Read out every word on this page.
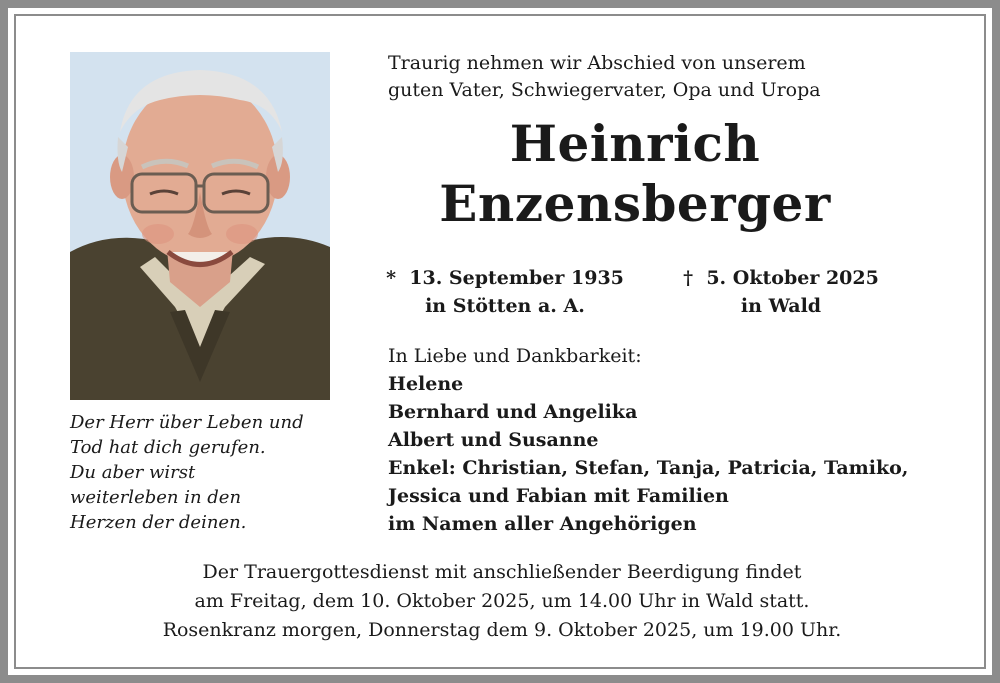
Der Herr über Leben und
Tod hat dich gerufen.
Du aber wirst
weiterleben in den
Herzen der deinen.
Traurig nehmen wir Abschied von unserem
guten Vater, Schwiegervater, Opa und Uropa
Heinrich
Enzensberger
* 13. September 1935
in Stötten a. A.
† 5. Oktober 2025
in Wald
In Liebe und Dankbarkeit:
Helene
Bernhard und Angelika
Albert und Susanne
Enkel: Christian, Stefan, Tanja, Patricia, Tamiko,
Jessica und Fabian mit Familien
im Namen aller Angehörigen
Der Trauergottesdienst mit anschließender Beerdigung findet
am Freitag, dem 10. Oktober 2025, um 14.00 Uhr in Wald statt.
Rosenkranz morgen, Donnerstag dem 9. Oktober 2025, um 19.00 Uhr.
